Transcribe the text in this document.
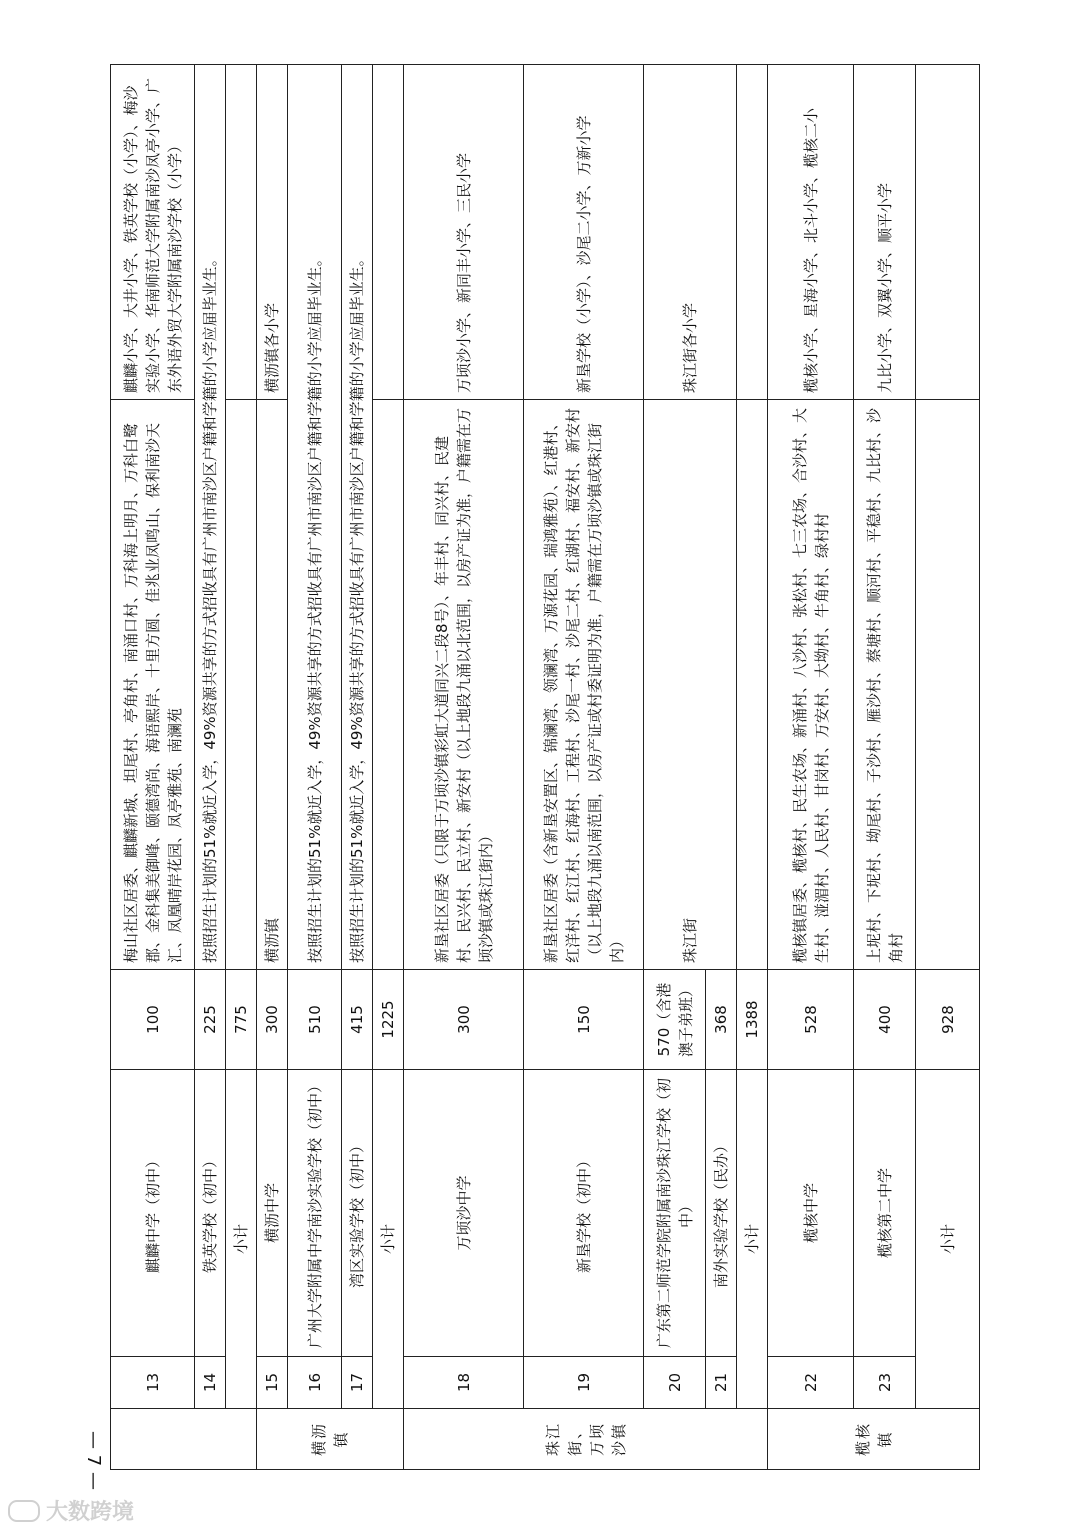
	13	麒麟中学（初中）	100	梅山社区居委、麒麟新城、坦尾村、亭角村、南涌口村、万科海上明月、万科白鹭郡、金科集美御峰、颐德湾尚、海语熙岸、十里方圆、佳兆业凤鸣山、保利南沙天汇、凤凰晴岸花园、凤亭雅苑、南澜苑	麒麟小学、大井小学、铁英学校（小学）、梅沙实验小学、华南师范大学附属南沙凤亭小学、广东外语外贸大学附属南沙学校（小学）
	14	铁英学校（初中）	225	按照招生计划的51%就近入学，49%资源共享的方式招收具有广州市南沙区户籍和学籍的小学应届毕业生。	
	小计		775		
横沥镇	15	横沥中学	300	横沥镇	横沥镇各小学
	16	广州大学附属中学南沙实验学校（初中）	510	按照招生计划的51%就近入学，49%资源共享的方式招收具有广州市南沙区户籍和学籍的小学应届毕业生。	
	17	湾区实验学校（初中）	415	按照招生计划的51%就近入学，49%资源共享的方式招收具有广州市南沙区户籍和学籍的小学应届毕业生。	
	小计		1225		
珠江街、万顷沙镇	18	万顷沙中学	300	新垦社区居委（只限于万顷沙镇彩虹大道同兴二段8号）、年丰村、同兴村、民建村、民兴村、民立村、新安村（以上地段九涌以北范围，以房产证为准，户籍需在万顷沙镇或珠江街内）	万顷沙小学、新同丰小学、三民小学
	19	新垦学校（初中）	150	新垦社区居委（含新垦安置区、锦澜湾、领澜湾、万源花园、瑞鸿雅苑）、红港村、红洋村、红江村、红海村、工程村、沙尾一村、沙尾二村、红湖村、福安村、新安村（以上地段九涌以南范围，以房产证或村委证明为准，户籍需在万顷沙镇或珠江街内）	新垦学校（小学）、沙尾二小学、万新小学
	20	广东第二师范学院附属南沙珠江学校（初中）	570（含港澳子弟班）	珠江街	珠江街各小学
	21	南外实验学校（民办）	368		
	小计		1388		
榄核镇	22	榄核中学	528	榄核镇居委、榄核村、民生农场、新涌村、八沙村、张松村、七三农场、合沙村、大生村、湴湄村、人民村、甘岗村、万安村、大坳村、牛角村、绿村村	榄核小学、星海小学、北斗小学、榄核二小
	23	榄核第二中学	400	上坭村、下坭村、坳尾村、子沙村、雁沙村、蔡塘村、顺河村、平稳村、九比村、沙角村	九比小学、双翼小学、顺平小学
	小计		928		
— 7 —
大数跨境
